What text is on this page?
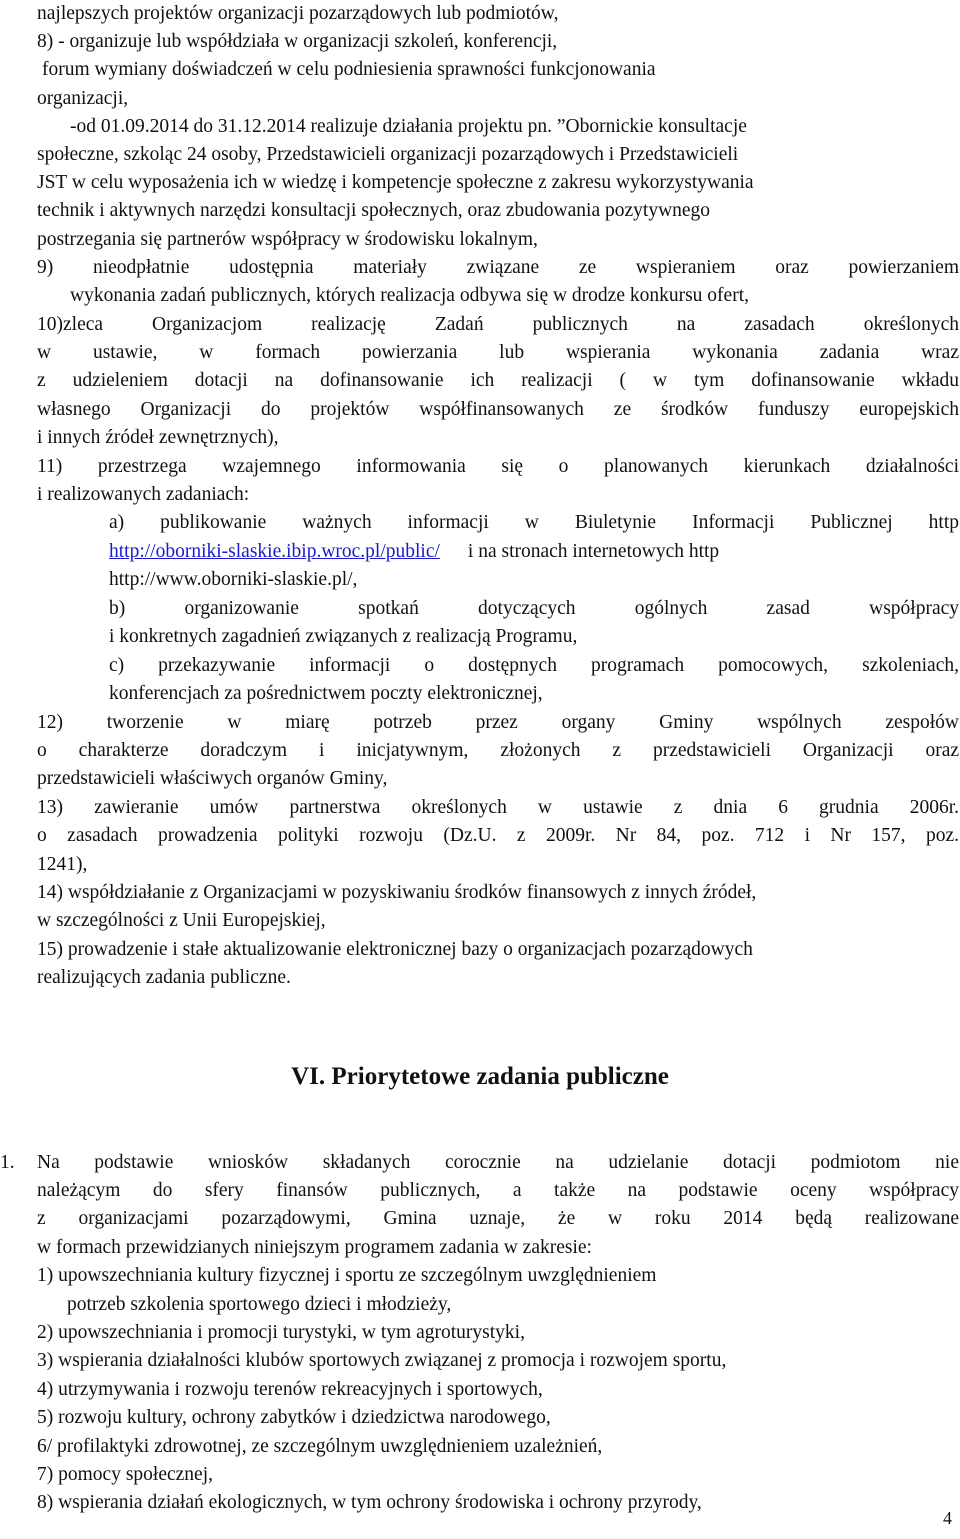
najlepszych projektów organizacji pozarządowych lub podmiotów,
8) - organizuje lub współdziała w organizacji szkoleń, konferencji,
forum wymiany doświadczeń w celu podniesienia sprawności funkcjonowania
organizacji,
-od 01.09.2014 do 31.12.2014 realizuje działania projektu pn. ”Obornickie konsultacje
społeczne, szkoląc 24 osoby, Przedstawicieli organizacji pozarządowych i Przedstawicieli
JST w celu wyposażenia ich w wiedzę i kompetencje społeczne z zakresu wykorzystywania
technik i aktywnych narzędzi konsultacji społecznych, oraz zbudowania pozytywnego
postrzegania się partnerów współpracy w środowisku lokalnym,
9) nieodpłatnie udostępnia materiały związane ze wspieraniem oraz powierzaniem
wykonania zadań publicznych, których realizacja odbywa się w drodze konkursu ofert,
10)zleca Organizacjom realizację Zadań publicznych na zasadach określonych
w ustawie, w formach powierzania lub wspierania wykonania zadania wraz
z udzieleniem dotacji na dofinansowanie ich realizacji ( w tym dofinansowanie wkładu
własnego Organizacji do projektów współfinansowanych ze środków funduszy europejskich
i innych źródeł zewnętrznych),
11) przestrzega wzajemnego informowania się o planowanych kierunkach działalności
i realizowanych zadaniach:
a) publikowanie ważnych informacji w Biuletynie Informacji Publicznej http
http://oborniki-slaskie.ibip.wroc.pl/public/ i na stronach internetowych http
http://www.oborniki-slaskie.pl/,
b) organizowanie spotkań dotyczących ogólnych zasad współpracy
i konkretnych zagadnień związanych z realizacją Programu,
c) przekazywanie informacji o dostępnych programach pomocowych, szkoleniach,
konferencjach za pośrednictwem poczty elektronicznej,
12) tworzenie w miarę potrzeb przez organy Gminy wspólnych zespołów
o charakterze doradczym i inicjatywnym, złożonych z przedstawicieli Organizacji oraz
przedstawicieli właściwych organów Gminy,
13) zawieranie umów partnerstwa określonych w ustawie z dnia 6 grudnia 2006r.
o zasadach prowadzenia polityki rozwoju (Dz.U. z 2009r. Nr 84, poz. 712 i Nr 157, poz.
1241),
14) współdziałanie z Organizacjami w pozyskiwaniu środków finansowych z innych źródeł,
w szczególności z Unii Europejskiej,
15) prowadzenie i stałe aktualizowanie elektronicznej bazy o organizacjach pozarządowych
realizujących zadania publiczne.
VI. Priorytetowe zadania publiczne
1.	Na podstawie wniosków składanych corocznie na udzielanie dotacji podmiotom nie
należącym do sfery finansów publicznych, a także na podstawie oceny współpracy
z organizacjami pozarządowymi, Gmina uznaje, że w roku 2014 będą realizowane
w formach przewidzianych niniejszym programem zadania w zakresie:
1) upowszechniania kultury fizycznej i sportu ze szczególnym uwzględnieniem
potrzeb szkolenia sportowego dzieci i młodzieży,
2) upowszechniania i promocji turystyki, w tym agroturystyki,
3) wspierania działalności klubów sportowych związanej z promocja i rozwojem sportu,
4) utrzymywania i rozwoju terenów rekreacyjnych i sportowych,
5) rozwoju kultury, ochrony zabytków i dziedzictwa narodowego,
6/ profilaktyki zdrowotnej, ze szczególnym uwzględnieniem uzależnień,
7) pomocy społecznej,
8) wspierania działań ekologicznych, w tym ochrony środowiska i ochrony przyrody,
4
